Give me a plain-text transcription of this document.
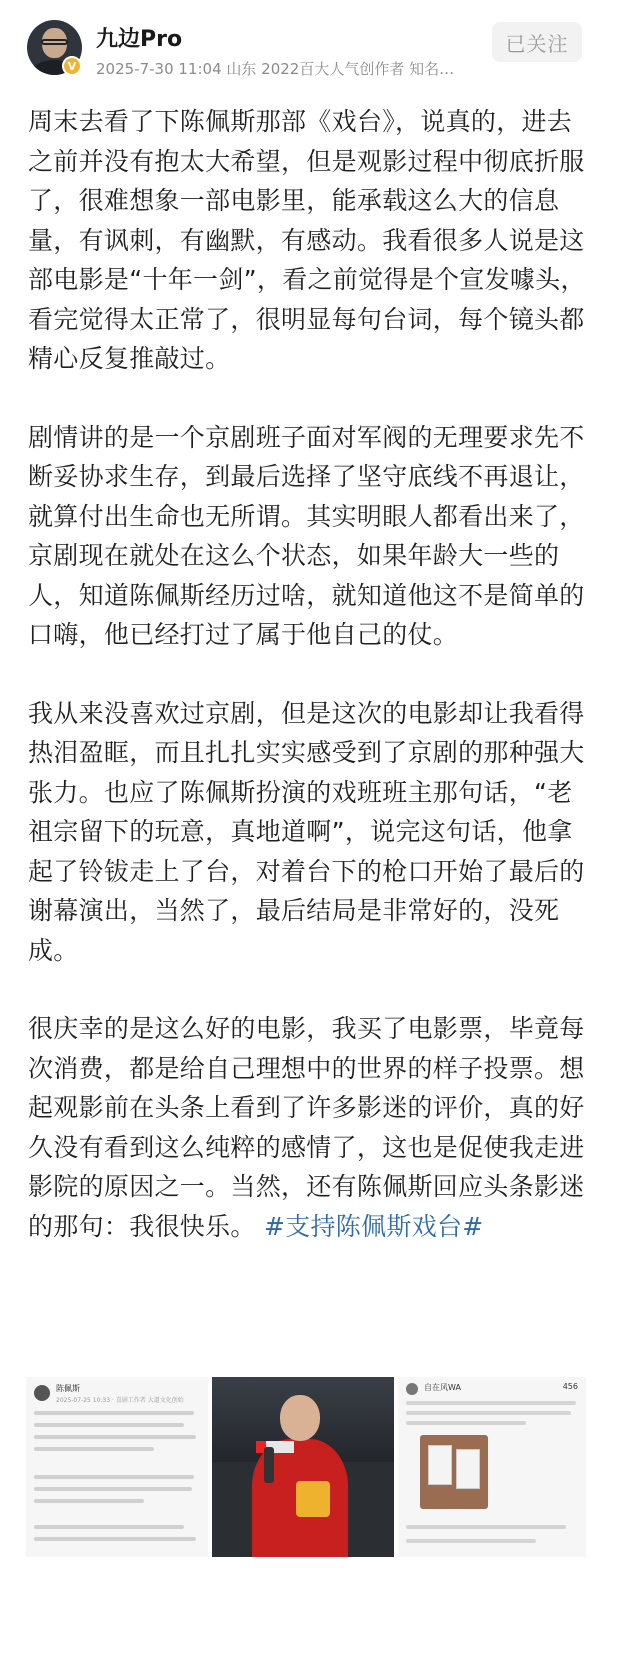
V
九边Pro
2025-7-30 11:04 山东 2022百大人气创作者 知名…
已关注

周末去看了下陈佩斯那部《戏台》，说真的，进去之前并没有抱太大希望，但是观影过程中彻底折服了，很难想象一部电影里，能承载这么大的信息量，有讽刺，有幽默，有感动。我看很多人说是这部电影是“十年一剑”，看之前觉得是个宣发噱头，看完觉得太正常了，很明显每句台词，每个镜头都精心反复推敲过。

剧情讲的是一个京剧班子面对军阀的无理要求先不断妥协求生存，到最后选择了坚守底线不再退让，就算付出生命也无所谓。其实明眼人都看出来了，京剧现在就处在这么个状态，如果年龄大一些的人，知道陈佩斯经历过啥，就知道他这不是简单的口嗨，他已经打过了属于他自己的仗。

我从来没喜欢过京剧，但是这次的电影却让我看得热泪盈眶，而且扎扎实实感受到了京剧的那种强大张力。也应了陈佩斯扮演的戏班班主那句话，“老祖宗留下的玩意，真地道啊”，说完这句话，他拿起了铃钹走上了台，对着台下的枪口开始了最后的谢幕演出，当然了，最后结局是非常好的，没死成。

很庆幸的是这么好的电影，我买了电影票，毕竟每次消费，都是给自己理想中的世界的样子投票。想起观影前在头条上看到了许多影迷的评价，真的好久没有看到这么纯粹的感情了，这也是促使我走进影院的原因之一。当然，还有陈佩斯回应头条影迷的那句：我很快乐。 #支持陈佩斯戏台#

陈佩斯
2025-07-25 10:33 · 喜剧工作者 大道文化创始
自在风WA	456
